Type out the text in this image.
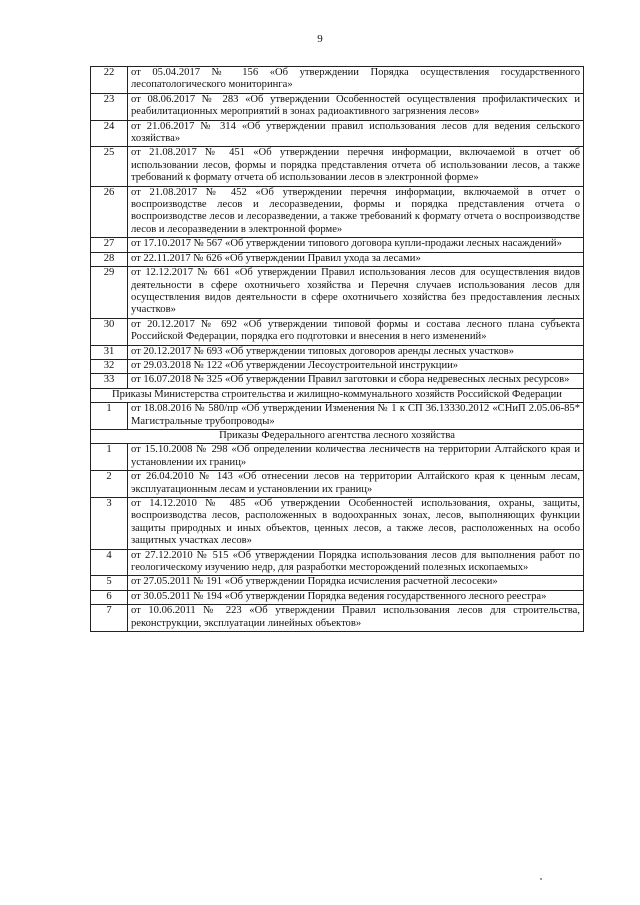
9
22	от 05.04.2017 № 156 «Об утверждении Порядка осуществления государственного лесопатологического мониторинга»
23	от 08.06.2017 № 283 «Об утверждении Особенностей осуществления профилактических и реабилитационных мероприятий в зонах радиоактивного загрязнения лесов»
24	от 21.06.2017 № 314 «Об утверждении правил использования лесов для ведения сельского хозяйства»
25	от 21.08.2017 № 451 «Об утверждении перечня информации, включаемой в отчет об использовании лесов, формы и порядка представления отчета об использовании лесов, а также требований к формату отчета об использовании лесов в электронной форме»
26	от 21.08.2017 № 452 «Об утверждении перечня информации, включаемой в отчет о воспроизводстве лесов и лесоразведении, формы и порядка представления отчета о воспроизводстве лесов и лесоразведении, а также требований к формату отчета о воспроизводстве лесов и лесоразведении в электронной форме»
27	от 17.10.2017 № 567 «Об утверждении типового договора купли-продажи лесных насаждений»
28	от 22.11.2017 № 626 «Об утверждении Правил ухода за лесами»
29	от 12.12.2017 № 661 «Об утверждении Правил использования лесов для осуществления видов деятельности в сфере охотничьего хозяйства и Перечня случаев использования лесов для осуществления видов деятельности в сфере охотничьего хозяйства без предоставления лесных участков»
30	от 20.12.2017 № 692 «Об утверждении типовой формы и состава лесного плана субъекта Российской Федерации, порядка его подготовки и внесения в него изменений»
31	от 20.12.2017 № 693 «Об утверждении типовых договоров аренды лесных участков»
32	от 29.03.2018 № 122 «Об утверждении Лесоустроительной инструкции»
33	от 16.07.2018 № 325 «Об утверждении Правил заготовки и сбора недревесных лесных ресурсов»
Приказы Министерства строительства и жилищно-коммунального хозяйств Российской Федерации	
1	от 18.08.2016 № 580/пр «Об утверждении Изменения № 1 к СП 36.13330.2012 «СНиП 2.05.06-85* Магистральные трубопроводы»
Приказы Федерального агентства лесного хозяйства	
1	от 15.10.2008 № 298 «Об определении количества лесничеств на территории Алтайского края и установлении их границ»
2	от 26.04.2010 № 143 «Об отнесении лесов на территории Алтайского края к ценным лесам, эксплуатационным лесам и установлении их границ»
3	от 14.12.2010 № 485 «Об утверждении Особенностей использования, охраны, защиты, воспроизводства лесов, расположенных в водоохранных зонах, лесов, выполняющих функции защиты природных и иных объектов, ценных лесов, а также лесов, расположенных на особо защитных участках лесов»
4	от 27.12.2010 № 515 «Об утверждении Порядка использования лесов для выполнения работ по геологическому изучению недр, для разработки месторождений полезных ископаемых»
5	от 27.05.2011 № 191 «Об утверждении Порядка исчисления расчетной лесосеки»
6	от 30.05.2011 № 194 «Об утверждении Порядка ведения государственного лесного реестра»
7	от 10.06.2011 № 223 «Об утверждении Правил использования лесов для строительства, реконструкции, эксплуатации линейных объектов»
